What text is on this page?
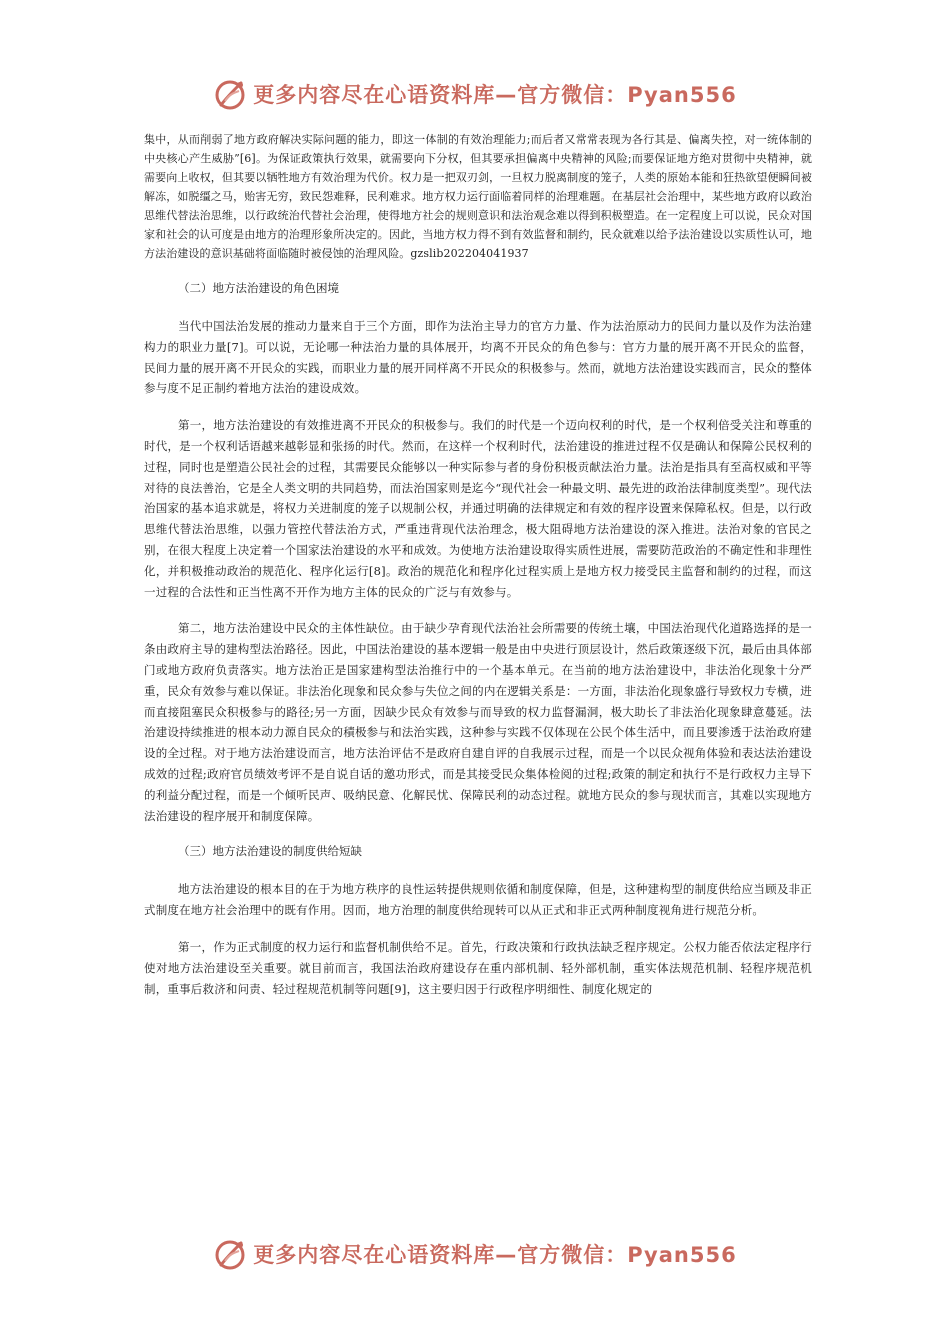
更多内容尽在心语资料库—官方微信：Pyan556

集中，从而削弱了地方政府解决实际问题的能力，即这一体制的有效治理能力;而后者又常常表现为各行其是、偏离失控，对一统体制的中央核心产生威胁”[6]。为保证政策执行效果，就需要向下分权，但其要承担偏离中央精神的风险;而要保证地方绝对贯彻中央精神，就需要向上收权，但其要以牺牲地方有效治理为代价。权力是一把双刃剑，一旦权力脱离制度的笼子，人类的原始本能和狂热欲望便瞬间被解冻，如脱缰之马，贻害无穷，致民怨难释，民利难求。地方权力运行面临着同样的治理难题。在基层社会治理中，某些地方政府以政治思维代替法治思维，以行政统治代替社会治理，使得地方社会的规则意识和法治观念难以得到积极塑造。在一定程度上可以说，民众对国家和社会的认可度是由地方的治理形象所决定的。因此，当地方权力得不到有效监督和制约，民众就难以给予法治建设以实质性认可，地方法治建设的意识基础将面临随时被侵蚀的治理风险。gzslib202204041937

（二）地方法治建设的角色困境

当代中国法治发展的推动力量来自于三个方面，即作为法治主导力的官方力量、作为法治原动力的民间力量以及作为法治建构力的职业力量[7]。可以说，无论哪一种法治力量的具体展开，均离不开民众的角色参与：官方力量的展开离不开民众的监督，民间力量的展开离不开民众的实践，而职业力量的展开同样离不开民众的积极参与。然而，就地方法治建设实践而言，民众的整体参与度不足正制约着地方法治的建设成效。

第一，地方法治建设的有效推进离不开民众的积极参与。我们的时代是一个迈向权利的时代，是一个权利倍受关注和尊重的时代，是一个权利话语越来越彰显和张扬的时代。然而，在这样一个权利时代，法治建设的推进过程不仅是确认和保障公民权利的过程，同时也是塑造公民社会的过程，其需要民众能够以一种实际参与者的身份积极贡献法治力量。法治是指具有至高权威和平等对待的良法善治，它是全人类文明的共同趋势，而法治国家则是迄今“现代社会一种最文明、最先进的政治法律制度类型”。现代法治国家的基本追求就是，将权力关进制度的笼子以规制公权，并通过明确的法律规定和有效的程序设置来保障私权。但是，以行政思维代替法治思维，以强力管控代替法治方式，严重违背现代法治理念，极大阻碍地方法治建设的深入推进。法治对象的官民之别，在很大程度上决定着一个国家法治建设的水平和成效。为使地方法治建设取得实质性进展，需要防范政治的不确定性和非理性化，并积极推动政治的规范化、程序化运行[8]。政治的规范化和程序化过程实质上是地方权力接受民主监督和制约的过程，而这一过程的合法性和正当性离不开作为地方主体的民众的广泛与有效参与。

第二，地方法治建设中民众的主体性缺位。由于缺少孕育现代法治社会所需要的传统土壤，中国法治现代化道路选择的是一条由政府主导的建构型法治路径。因此，中国法治建设的基本逻辑一般是由中央进行顶层设计，然后政策逐级下沉，最后由具体部门或地方政府负责落实。地方法治正是国家建构型法治推行中的一个基本单元。在当前的地方法治建设中，非法治化现象十分严重，民众有效参与难以保证。非法治化现象和民众参与失位之间的内在逻辑关系是：一方面，非法治化现象盛行导致权力专横，进而直接阻塞民众积极参与的路径;另一方面，因缺少民众有效参与而导致的权力监督漏洞，极大助长了非法治化现象肆意蔓延。法治建设持续推进的根本动力源自民众的積极参与和法治实践，这种参与实践不仅体现在公民个体生活中，而且要渗透于法治政府建设的全过程。对于地方法治建设而言，地方法治评估不是政府自建自评的自我展示过程，而是一个以民众视角体验和表达法治建设成效的过程;政府官员绩效考评不是自说自话的邀功形式，而是其接受民众集体检阅的过程;政策的制定和执行不是行政权力主导下的利益分配过程，而是一个倾听民声、吸纳民意、化解民忧、保障民利的动态过程。就地方民众的参与现状而言，其难以实现地方法治建设的程序展开和制度保障。

（三）地方法治建设的制度供给短缺

地方法治建设的根本目的在于为地方秩序的良性运转提供规则依循和制度保障，但是，这种建构型的制度供给应当顾及非正式制度在地方社会治理中的既有作用。因而，地方治理的制度供给现转可以从正式和非正式两种制度视角进行规范分析。

第一，作为正式制度的权力运行和监督机制供给不足。首先，行政决策和行政执法缺乏程序规定。公权力能否依法定程序行使对地方法治建设至关重要。就目前而言，我国法治政府建设存在重内部机制、轻外部机制，重实体法规范机制、轻程序规范机制，重事后救济和问责、轻过程规范机制等问题[9]，这主要归因于行政程序明细性、制度化规定的

更多内容尽在心语资料库—官方微信：Pyan556
